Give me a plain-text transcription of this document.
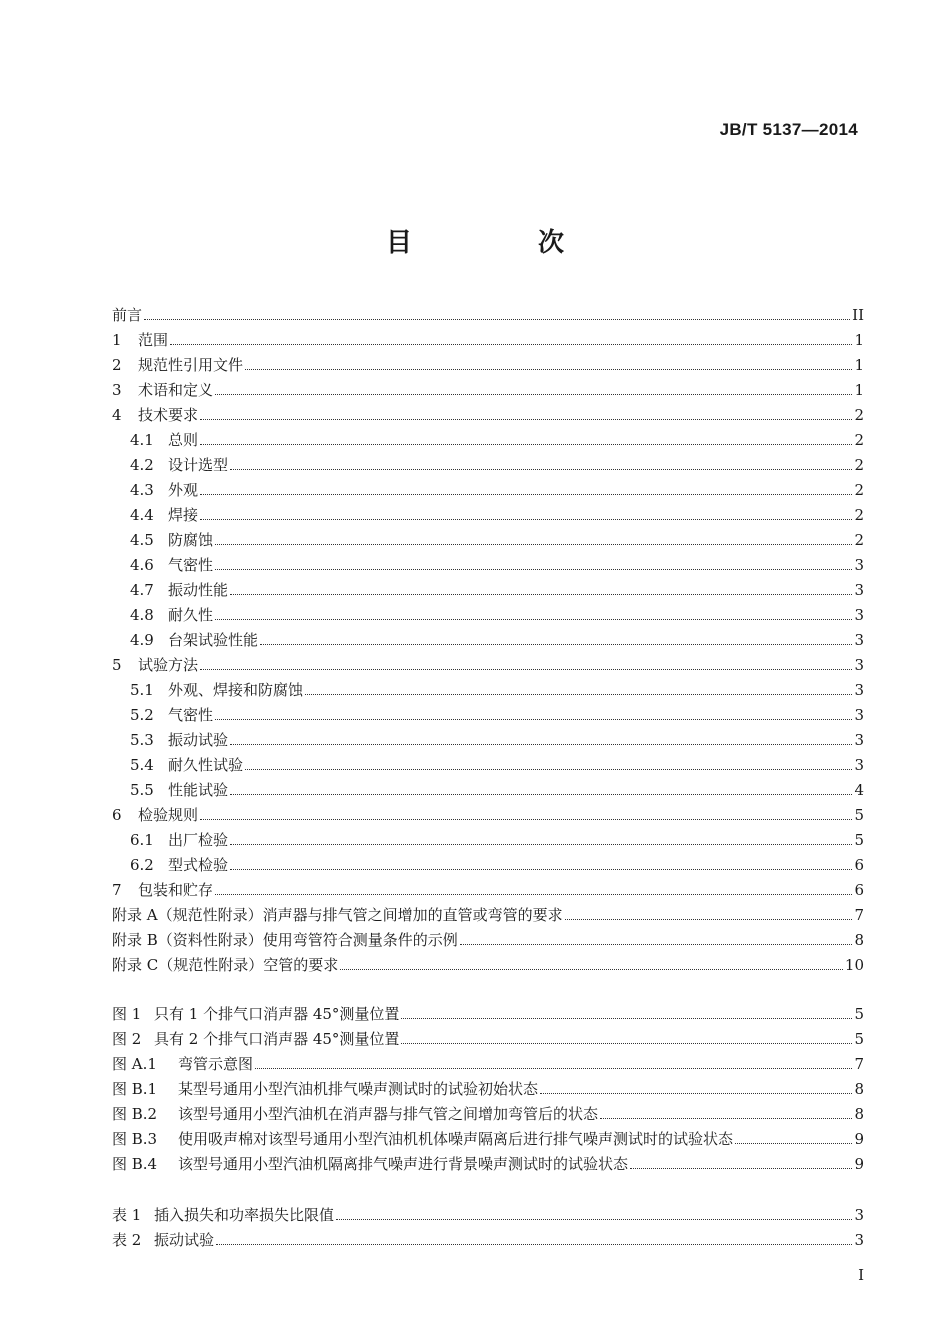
JB/T 5137—2014
目　次
前言	II
1 范围	1
2 规范性引用文件	1
3 术语和定义	1
4 技术要求	2
4.1 总则	2
4.2 设计选型	2
4.3 外观	2
4.4 焊接	2
4.5 防腐蚀	2
4.6 气密性	3
4.7 振动性能	3
4.8 耐久性	3
4.9 台架试验性能	3
5 试验方法	3
5.1 外观、焊接和防腐蚀	3
5.2 气密性	3
5.3 振动试验	3
5.4 耐久性试验	3
5.5 性能试验	4
6 检验规则	5
6.1 出厂检验	5
6.2 型式检验	6
7 包装和贮存	6
附录 A（规范性附录）消声器与排气管之间增加的直管或弯管的要求	7
附录 B（资料性附录）使用弯管符合测量条件的示例	8
附录 C（规范性附录）空管的要求	10
图 1 只有 1 个排气口消声器 45°测量位置	5
图 2 具有 2 个排气口消声器 45°测量位置	5
图 A.1 弯管示意图	7
图 B.1 某型号通用小型汽油机排气噪声测试时的试验初始状态	8
图 B.2 该型号通用小型汽油机在消声器与排气管之间增加弯管后的状态	8
图 B.3 使用吸声棉对该型号通用小型汽油机机体噪声隔离后进行排气噪声测试时的试验状态	9
图 B.4 该型号通用小型汽油机隔离排气噪声进行背景噪声测试时的试验状态	9
表 1 插入损失和功率损失比限值	3
表 2 振动试验	3
I
